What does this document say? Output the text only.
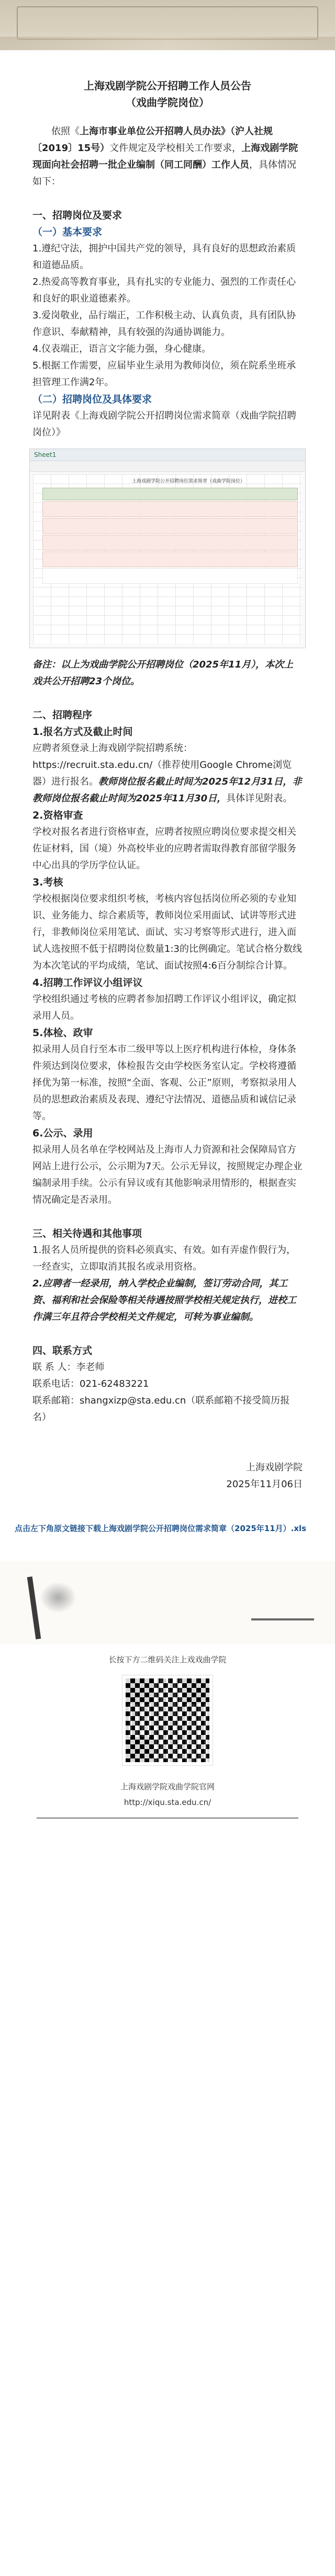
上海戏剧学院公开招聘工作人员公告
（戏曲学院岗位）

依照《上海市事业单位公开招聘人员办法》（沪人社规〔2019〕15号）文件规定及学校相关工作要求，上海戏剧学院现面向社会招聘一批企业编制（同工同酬）工作人员，具体情况如下：

一、招聘岗位及要求

（一）基本要求

1.遵纪守法，拥护中国共产党的领导，具有良好的思想政治素质和道德品质。

2.热爱高等教育事业，具有扎实的专业能力、强烈的工作责任心和良好的职业道德素养。

3.爱岗敬业，品行端正，工作积极主动、认真负责，具有团队协作意识、奉献精神，具有较强的沟通协调能力。

4.仪表端正，语言文字能力强，身心健康。

5.根据工作需要，应届毕业生录用为教师岗位，须在院系坐班承担管理工作满2年。

（二）招聘岗位及具体要求

详见附表《上海戏剧学院公开招聘岗位需求简章（戏曲学院招聘岗位）》

Sheet1
上海戏剧学院公开招聘岗位需求简章（戏曲学院岗位）

备注：以上为戏曲学院公开招聘岗位（2025年11月），本次上戏共公开招聘23个岗位。

二、招聘程序

1.报名方式及截止时间

应聘者须登录上海戏剧学院招聘系统：https://recruit.sta.edu.cn/（推荐使用Google Chrome浏览器）进行报名。教师岗位报名截止时间为2025年12月31日，非教师岗位报名截止时间为2025年11月30日，具体详见附表。

2.资格审查

学校对报名者进行资格审查，应聘者按照应聘岗位要求提交相关佐证材料，国（境）外高校毕业的应聘者需取得教育部留学服务中心出具的学历学位认证。

3.考核

学校根据岗位要求组织考核，考核内容包括岗位所必须的专业知识、业务能力、综合素质等，教师岗位采用面试、试讲等形式进行，非教师岗位采用笔试、面试、实习考察等形式进行，进入面试人选按照不低于招聘岗位数量1:3的比例确定。笔试合格分数线为本次笔试的平均成绩，笔试、面试按照4:6百分制综合计算。

4.招聘工作评议小组评议

学校组织通过考核的应聘者参加招聘工作评议小组评议，确定拟录用人员。

5.体检、政审

拟录用人员自行至本市二级甲等以上医疗机构进行体检，身体条件须达到岗位要求，体检报告交由学校医务室认定。学校将遵循择优为第一标准，按照“全面、客观、公正”原则，考察拟录用人员的思想政治素质及表现、遵纪守法情况、道德品质和诚信记录等。

6.公示、录用

拟录用人员名单在学校网站及上海市人力资源和社会保障局官方网站上进行公示，公示期为7天。公示无异议，按照规定办理企业编制录用手续。公示有异议或有其他影响录用情形的，根据查实情况确定是否录用。

三、相关待遇和其他事项

1.报名人员所提供的资料必须真实、有效。如有弄虚作假行为，一经查实，立即取消其报名或录用资格。

2.应聘者一经录用，纳入学校企业编制，签订劳动合同，其工资、福利和社会保险等相关待遇按照学校相关规定执行，进校工作满三年且符合学校相关文件规定，可转为事业编制。

四、联系方式

联 系 人：李老师

联系电话：021-62483221

联系邮箱：shangxizp@sta.edu.cn（联系邮箱不接受简历报名）

上海戏剧学院

2025年11月06日

点击左下角原文链接下载上海戏剧学院公开招聘岗位需求简章（2025年11月）.xls
长按下方二维码关注上戏戏曲学院
上海戏剧学院戏曲学院官网
http://xiqu.sta.edu.cn/
